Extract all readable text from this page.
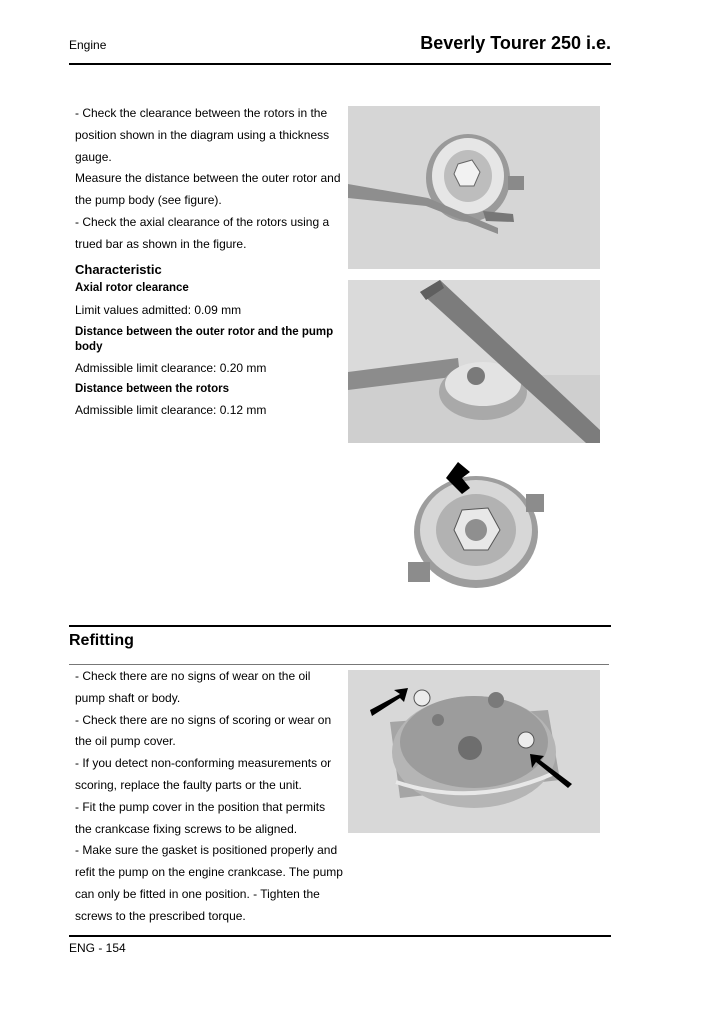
Engine	Beverly Tourer 250 i.e.

- Check the clearance between the rotors in the position shown in the diagram using a thickness gauge.

Measure the distance between the outer rotor and the pump body (see figure).

- Check the axial clearance of the rotors using a trued bar as shown in the figure.

Characteristic

Axial rotor clearance

Limit values admitted: 0.09 mm

Distance between the outer rotor and the pump body

Admissible limit clearance: 0.20 mm

Distance between the rotors

Admissible limit clearance: 0.12 mm

Refitting

- Check there are no signs of wear on the oil pump shaft or body.

- Check there are no signs of scoring or wear on the oil pump cover.

- If you detect non-conforming measurements or scoring, replace the faulty parts or the unit.

- Fit the pump cover in the position that permits the crankcase fixing screws to be aligned.

- Make sure the gasket is positioned properly and refit the pump on the engine crankcase. The pump can only be fitted in one position. - Tighten the screws to the prescribed torque.

ENG - 154
